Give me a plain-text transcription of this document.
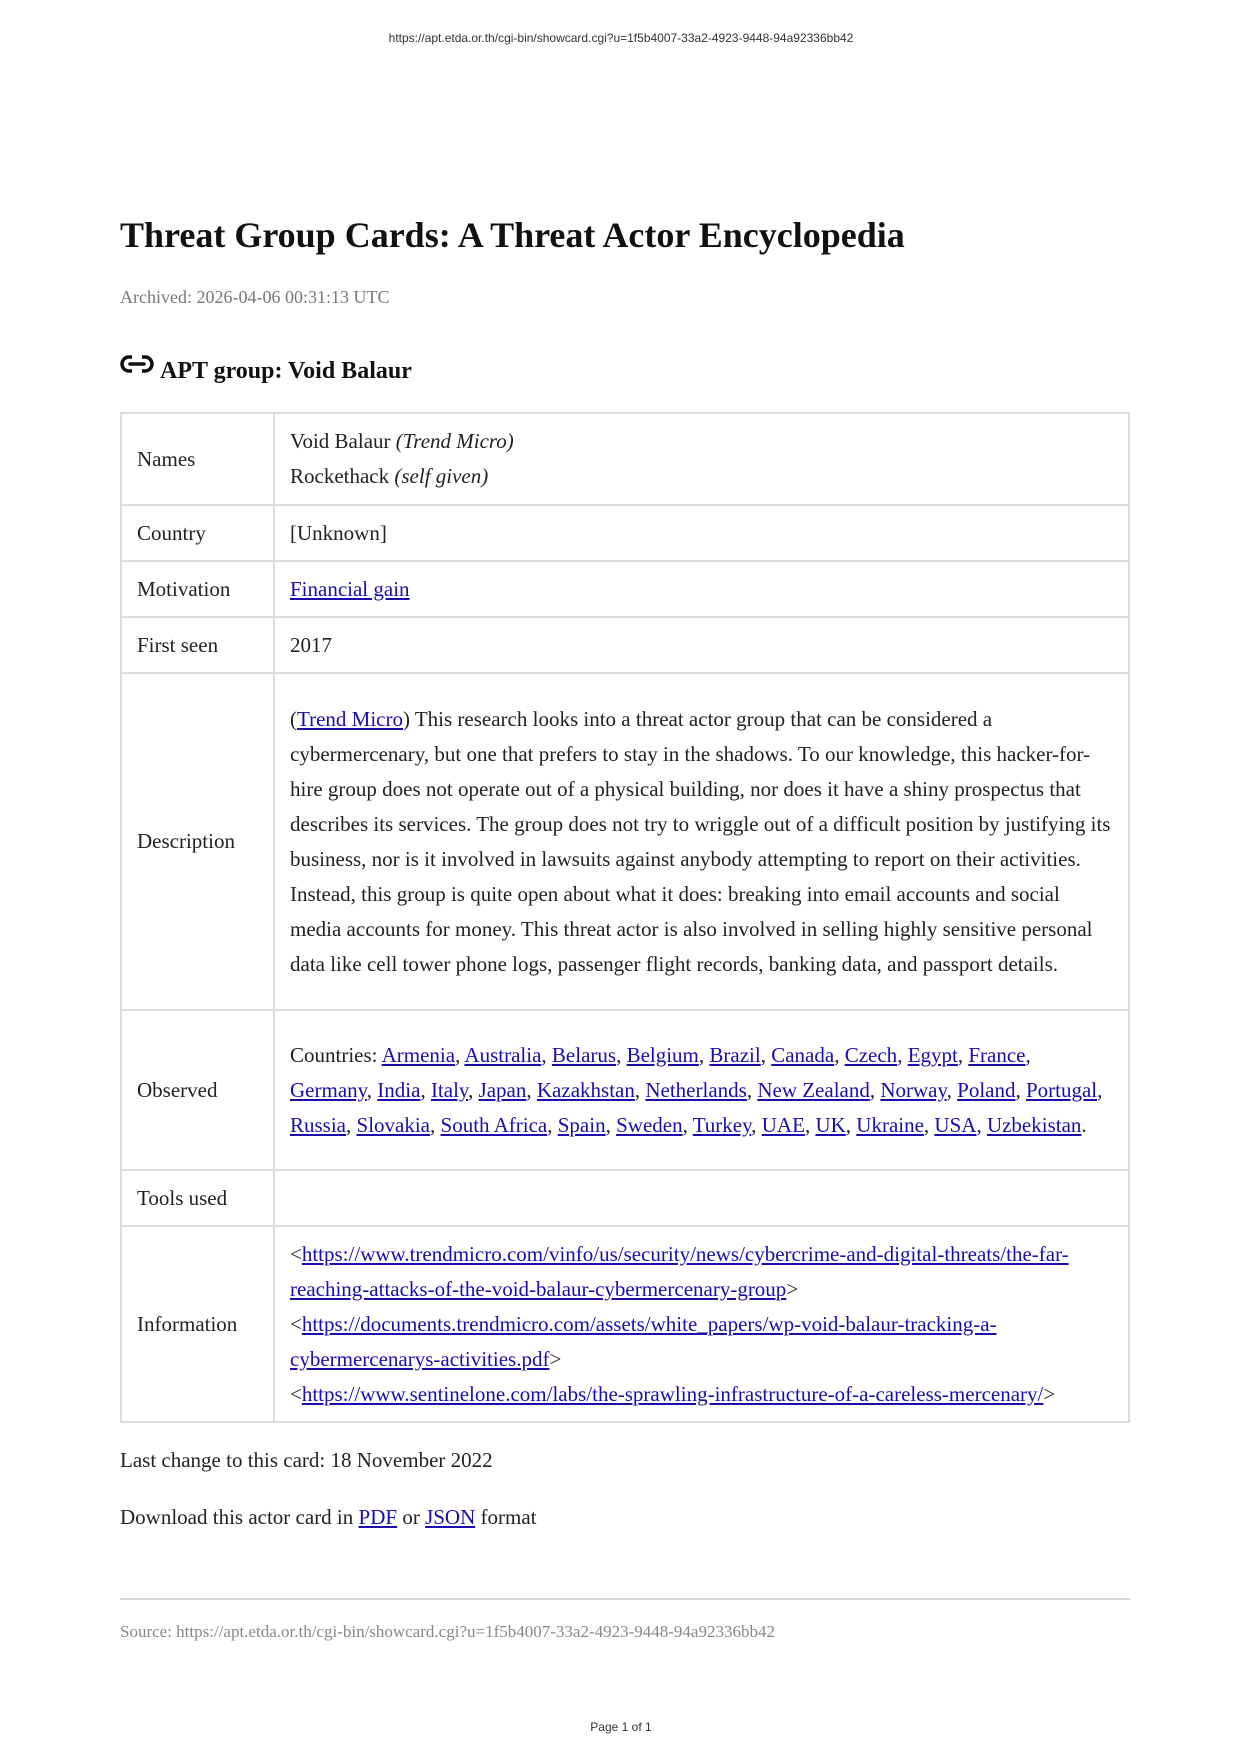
https://apt.etda.or.th/cgi-bin/showcard.cgi?u=1f5b4007-33a2-4923-9448-94a92336bb42
Threat Group Cards: A Threat Actor Encyclopedia
Archived: 2026-04-06 00:31:13 UTC
APT group: Void Balaur
Names	Void Balaur (Trend Micro)
Rockethack (self given)

Country	[Unknown]
Motivation	Financial gain
First seen	2017
Description	(Trend Micro) This research looks into a threat actor group that can be considered a cybermercenary, but one that prefers to stay in the shadows. To our knowledge, this hacker-for-hire group does not operate out of a physical building, nor does it have a shiny prospectus that describes its services. The group does not try to wriggle out of a difficult position by justifying its business, nor is it involved in lawsuits against anybody attempting to report on their activities. Instead, this group is quite open about what it does: breaking into email accounts and social media accounts for money. This threat actor is also involved in selling highly sensitive personal data like cell tower phone logs, passenger flight records, banking data, and passport details.
Observed	Countries: Armenia, Australia, Belarus, Belgium, Brazil, Canada, Czech, Egypt, France, Germany, India, Italy, Japan, Kazakhstan, Netherlands, New Zealand, Norway, Poland, Portugal, Russia, Slovakia, South Africa, Spain, Sweden, Turkey, UAE, UK, Ukraine, USA, Uzbekistan.
Tools used	
Information	<https://www.trendmicro.com/vinfo/us/security/news/cybercrime-and-digital-threats/the-far-reaching-attacks-of-the-void-balaur-cybermercenary-group>
<https://documents.trendmicro.com/assets/white_papers/wp-void-balaur-tracking-a-cybermercenarys-activities.pdf>
<https://www.sentinelone.com/labs/the-sprawling-infrastructure-of-a-careless-mercenary/>
Last change to this card: 18 November 2022
Download this actor card in PDF or JSON format
Source: https://apt.etda.or.th/cgi-bin/showcard.cgi?u=1f5b4007-33a2-4923-9448-94a92336bb42
Page 1 of 1
